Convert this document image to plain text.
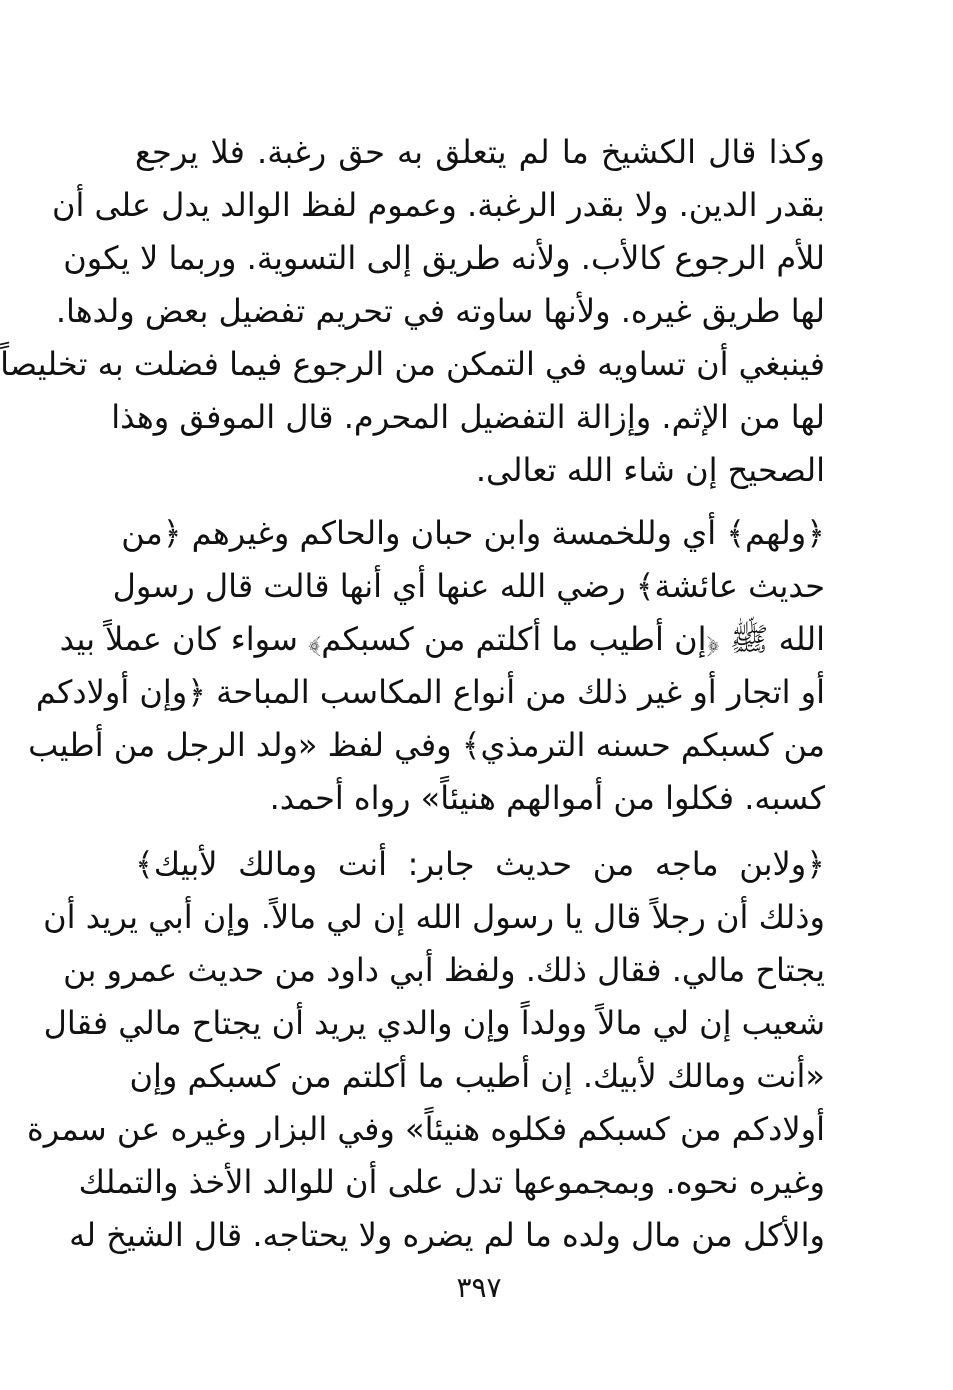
وكذا قال الكشيخ ما لم يتعلق به حق رغبة. فلا يرجع
بقدر الدين. ولا بقدر الرغبة. وعموم لفظ الوالد يدل على أن
للأم الرجوع كالأب. ولأنه طريق إلى التسوية. وربما لا يكون
لها طريق غيره. ولأنها ساوته في تحريم تفضيل بعض ولدها.
فينبغي أن تساويه في التمكن من الرجوع فيما فضلت به تخليصاً
لها من الإثم. وإزالة التفضيل المحرم. قال الموفق وهذا
الصحيح إن شاء الله تعالى.
﴿ولهم﴾ أي وللخمسة وابن حبان والحاكم وغيرهم ﴿من
حديث عائشة﴾ رضي الله عنها أي أنها قالت قال رسول
الله ﷺ ﴿إن أطيب ما أكلتم من كسبكم﴾ سواء كان عملاً بيد
أو اتجار أو غير ذلك من أنواع المكاسب المباحة ﴿وإن أولادكم
من كسبكم حسنه الترمذي﴾ وفي لفظ «ولد الرجل من أطيب
كسبه. فكلوا من أموالهم هنيئاً» رواه أحمد.
﴿ولابن ماجه من حديث جابر: أنت ومالك لأبيك﴾
وذلك أن رجلاً قال يا رسول الله إن لي مالاً. وإن أبي يريد أن
يجتاح مالي. فقال ذلك. ولفظ أبي داود من حديث عمرو بن
شعيب إن لي مالاً وولداً وإن والدي يريد أن يجتاح مالي فقال
«أنت ومالك لأبيك. إن أطيب ما أكلتم من كسبكم وإن
أولادكم من كسبكم فكلوه هنيئاً» وفي البزار وغيره عن سمرة
وغيره نحوه. وبمجموعها تدل على أن للوالد الأخذ والتملك
والأكل من مال ولده ما لم يضره ولا يحتاجه. قال الشيخ له
٣٩٧
